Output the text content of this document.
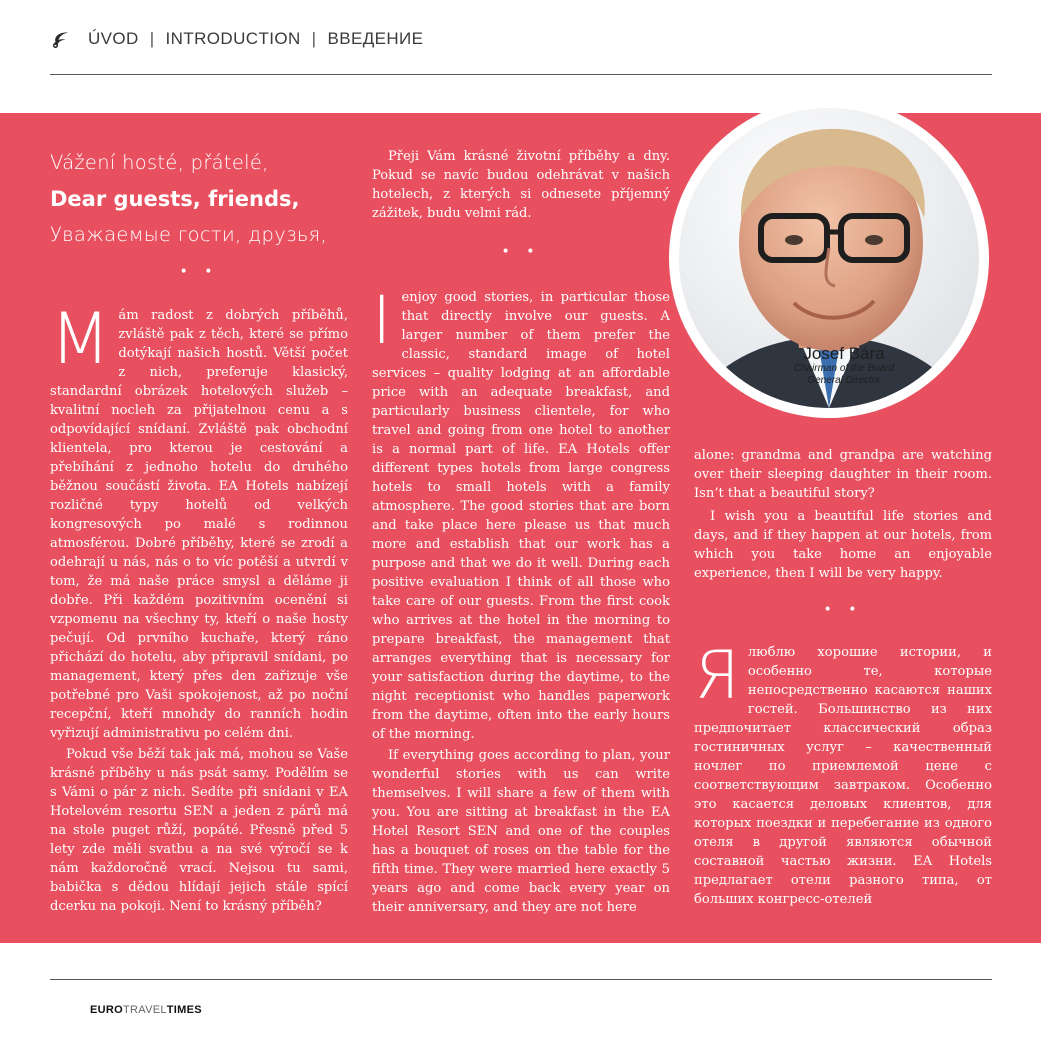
ÚVOD | INTRODUCTION | ВВЕДЕНИЕ
Josef Bára
Chairman of the Board
General Director
Vážení hosté, přátelé,
Dear guests, friends,
Уважаемые гости, друзья,
• •

Mám radost z dobrých příběhů, zvláště pak z těch, které se přímo dotýkají našich hostů. Větší počet z nich, preferuje klasický, standardní obrázek hotelových služeb – kvalitní nocleh za přijatelnou cenu a s odpovídající snídaní. Zvláště pak obchodní klientela, pro kterou je cestování a přebíhání z jednoho hotelu do druhého běžnou součástí života. EA Hotels nabízejí rozličné typy hotelů od velkých kongresových po malé s rodinnou atmosférou. Dobré příběhy, které se zrodí a odehrají u nás, nás o to víc potěší a utvrdí v tom, že má naše práce smysl a děláme ji dobře. Při každém pozitivním ocenění si vzpomenu na všechny ty, kteří o naše hosty pečují. Od prvního kuchaře, který ráno přichází do hotelu, aby připravil snídani, po management, který přes den zařizuje vše potřebné pro Vaši spokojenost, až po noční recepční, kteří mnohdy do ranních hodin vyřizují administrativu po celém dni.

Pokud vše běží tak jak má, mohou se Vaše krásné příběhy u nás psát samy. Podělím se s Vámi o pár z nich. Sedíte při snídani v EA Hotelovém resortu SEN a jeden z párů má na stole puget růží, popáté. Přesně před 5 lety zde měli svatbu a na své výročí se k nám každoročně vrací. Nejsou tu sami, babička s dědou hlídají jejich stále spící dcerku na pokoji. Není to krásný příběh?

Přeji Vám krásné životní příběhy a dny. Pokud se navíc budou odehrávat v našich hotelech, z kterých si odnesete příjemný zážitek, budu velmi rád.

• •

Ienjoy good stories, in particular those that directly involve our guests. A larger number of them prefer the classic, standard image of hotel services – quality lodging at an affordable price with an adequate breakfast, and particularly business clientele, for who travel and going from one hotel to another is a normal part of life. EA Hotels offer different types hotels from large congress hotels to small hotels with a family atmosphere. The good stories that are born and take place here please us that much more and establish that our work has a purpose and that we do it well. During each positive evaluation I think of all those who take care of our guests. From the first cook who arrives at the hotel in the morning to prepare breakfast, the management that arranges everything that is necessary for your satisfaction during the daytime, to the night receptionist who handles paperwork from the daytime, often into the early hours of the morning.

If everything goes according to plan, your wonderful stories with us can write themselves. I will share a few of them with you. You are sitting at breakfast in the EA Hotel Resort SEN and one of the couples has a bouquet of roses on the table for the fifth time. They were married here exactly 5 years ago and come back every year on their anniversary, and they are not here

alone: grandma and grandpa are watching over their sleeping daughter in their room. Isn’t that a beautiful story?

I wish you a beautiful life stories and days, and if they happen at our hotels, from which you take home an enjoyable experience, then I will be very happy.

• •

Ялюблю хорошие истории, и особенно те, которые непосредственно касаются наших гостей. Большинство из них предпочитает классический образ гостиничных услуг – качественный ночлег по приемлемой цене с соответствующим завтраком. Особенно это касается деловых клиентов, для которых поездки и перебегание из одного отеля в другой являются обычной составной частью жизни. EA Hotels предлагает отели разного типа, от больших конгресс-отелей

EUROTRAVELTIMES
